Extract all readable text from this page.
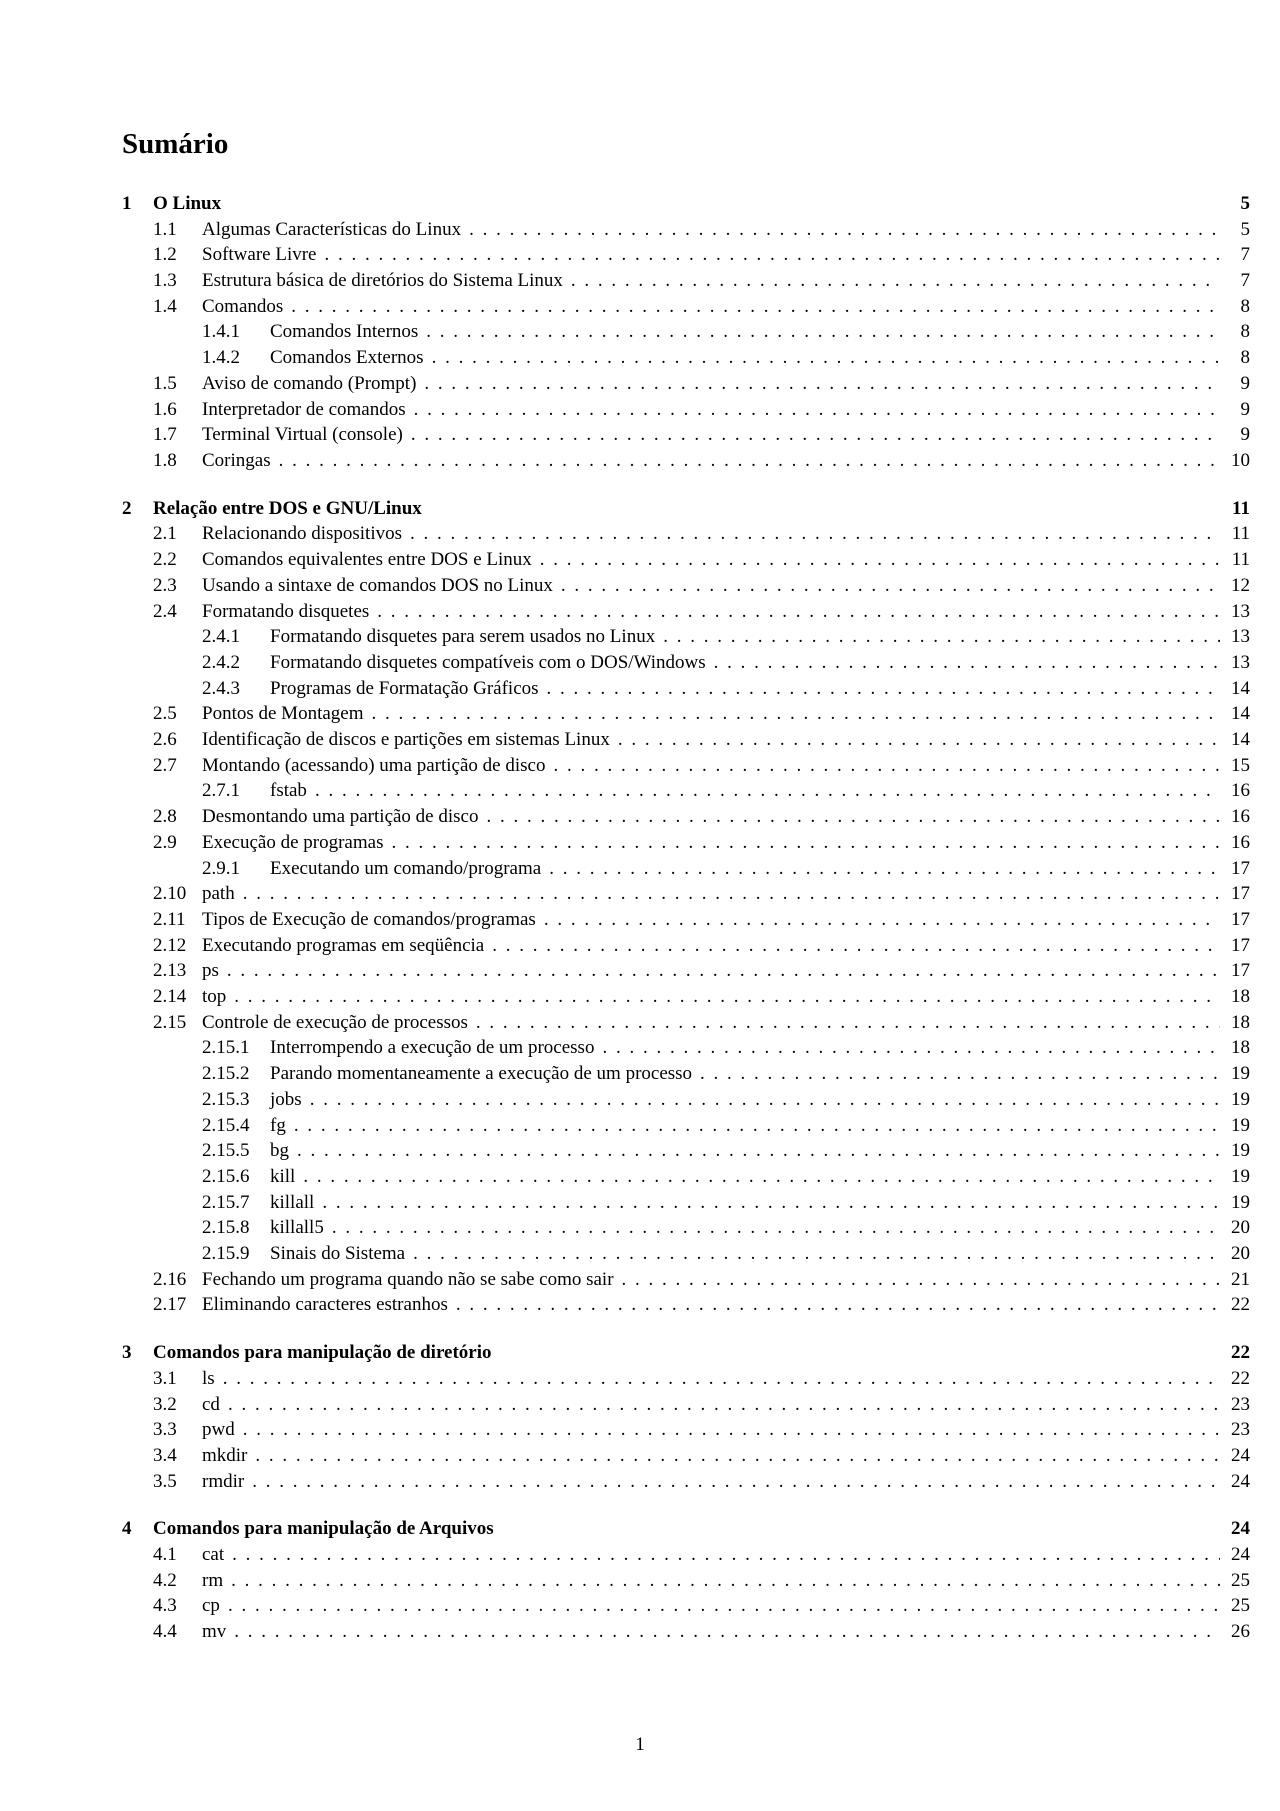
Sumário
1	O Linux	5
1.1	Algumas Características do Linux . . .	5
1.2	Software Livre . . .	7
1.3	Estrutura básica de diretórios do Sistema Linux . . .	7
1.4	Comandos . . .	8
1.4.1	Comandos Internos . . .	8
1.4.2	Comandos Externos . . .	8
1.5	Aviso de comando (Prompt) . . .	9
1.6	Interpretador de comandos . . .	9
1.7	Terminal Virtual (console) . . .	9
1.8	Coringas . . .	10
2	Relação entre DOS e GNU/Linux	11
2.1	Relacionando dispositivos . . .	11
2.2	Comandos equivalentes entre DOS e Linux . . .	11
2.3	Usando a sintaxe de comandos DOS no Linux . . .	12
2.4	Formatando disquetes . . .	13
2.4.1	Formatando disquetes para serem usados no Linux . . .	13
2.4.2	Formatando disquetes compatíveis com o DOS/Windows . . .	13
2.4.3	Programas de Formatação Gráficos . . .	14
2.5	Pontos de Montagem . . .	14
2.6	Identificação de discos e partições em sistemas Linux . . .	14
2.7	Montando (acessando) uma partição de disco . . .	15
2.7.1	fstab . . .	16
2.8	Desmontando uma partição de disco . . .	16
2.9	Execução de programas . . .	16
2.9.1	Executando um comando/programa . . .	17
2.10 path . . .	17
2.11 Tipos de Execução de comandos/programas . . .	17
2.12 Executando programas em seqüência . . .	17
2.13 ps . . .	17
2.14 top . . .	18
2.15 Controle de execução de processos . . .	18
2.15.1	Interrompendo a execução de um processo . . .	18
2.15.2	Parando momentaneamente a execução de um processo . . .	19
2.15.3	jobs . . .	19
2.15.4	fg . . .	19
2.15.5	bg . . .	19
2.15.6	kill . . .	19
2.15.7	killall . . .	19
2.15.8	killall5 . . .	20
2.15.9	Sinais do Sistema . . .	20
2.16 Fechando um programa quando não se sabe como sair . . .	21
2.17 Eliminando caracteres estranhos . . .	22
3	Comandos para manipulação de diretório	22
3.1	ls . . .	22
3.2	cd . . .	23
3.3	pwd . . .	23
3.4	mkdir . . .	24
3.5	rmdir . . .	24
4	Comandos para manipulação de Arquivos	24
4.1	cat . . .	24
4.2	rm . . .	25
4.3	cp . . .	25
4.4	mv . . .	26
1
